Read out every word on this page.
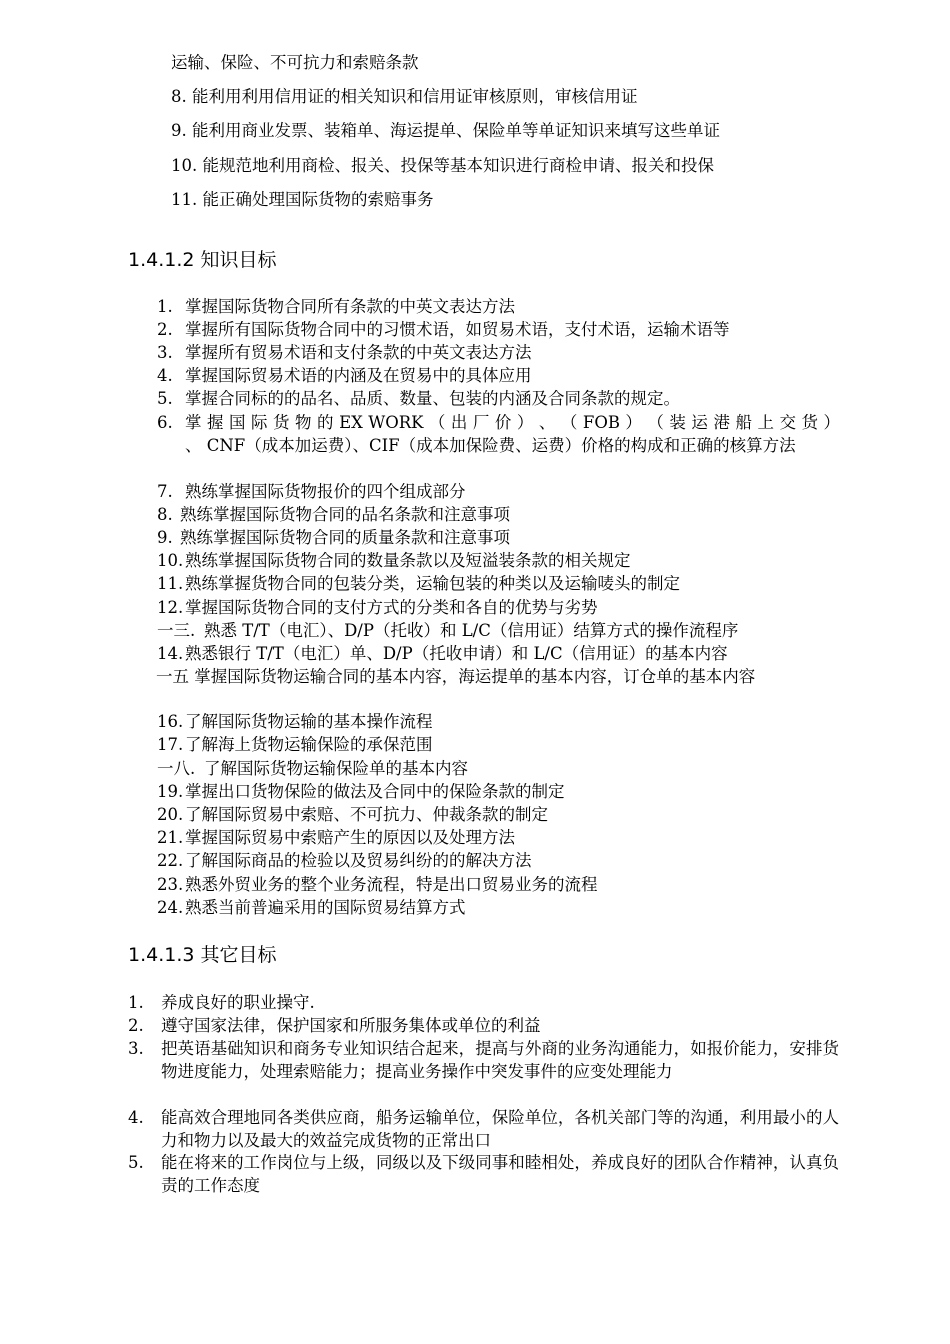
运输、保险、不可抗力和索赔条款
8. 能利用利用信用证的相关知识和信用证审核原则，审核信用证
9. 能利用商业发票、装箱单、海运提单、保险单等单证知识来填写这些单证
10. 能规范地利用商检、报关、投保等基本知识进行商检申请、报关和投保
11. 能正确处理国际货物的索赔事务
1.4.1.2 知识目标
1. 掌握国际货物合同所有条款的中英文表达方法
2. 掌握所有国际货物合同中的习惯术语，如贸易术语，支付术语，运输术语等
3. 掌握所有贸易术语和支付条款的中英文表达方法
4. 掌握国际贸易术语的内涵及在贸易中的具体应用
5. 掌握合同标的的品名、品质、数量、包装的内涵及合同条款的规定。
6. 掌 握 国 际 货 物 的 EX WORK （ 出 厂 价 ） 、 （ FOB ） （ 装 运 港 船 上 交 货 ） 、 CNF（成本加运费）、CIF（成本加保险费、运费）价格的构成和正确的核算方法
7. 熟练掌握国际货物报价的四个组成部分
8. 熟练掌握国际货物合同的品名条款和注意事项
9. 熟练掌握国际货物合同的质量条款和注意事项
10. 熟练掌握国际货物合同的数量条款以及短溢装条款的相关规定
11. 熟练掌握货物合同的包装分类，运输包装的种类以及运输唛头的制定
12. 掌握国际货物合同的支付方式的分类和各自的优势与劣势
一三. 熟悉 T/T（电汇）、D/P（托收）和 L/C（信用证）结算方式的操作流程序
14. 熟悉银行 T/T（电汇）单、D/P（托收申请）和 L/C（信用证）的基本内容
一五 掌握国际货物运输合同的基本内容，海运提单的基本内容，订仓单的基本内容
16. 了解国际货物运输的基本操作流程
17. 了解海上货物运输保险的承保范围
一八. 了解国际货物运输保险单的基本内容
19. 掌握出口货物保险的做法及合同中的保险条款的制定
20. 了解国际贸易中索赔、不可抗力、仲裁条款的制定
21. 掌握国际贸易中索赔产生的原因以及处理方法
22. 了解国际商品的检验以及贸易纠纷的的解决方法
23. 熟悉外贸业务的整个业务流程，特是出口贸易业务的流程
24. 熟悉当前普遍采用的国际贸易结算方式
1.4.1.3 其它目标
1. 养成良好的职业操守.
2. 遵守国家法律，保护国家和所服务集体或单位的利益
3. 把英语基础知识和商务专业知识结合起来，提高与外商的业务沟通能力，如报价能力，安排货物进度能力，处理索赔能力；提高业务操作中突发事件的应变处理能力
4. 能高效合理地同各类供应商，船务运输单位，保险单位，各机关部门等的沟通，利用最小的人力和物力以及最大的效益完成货物的正常出口
5. 能在将来的工作岗位与上级，同级以及下级同事和睦相处，养成良好的团队合作精神，认真负责的工作态度
